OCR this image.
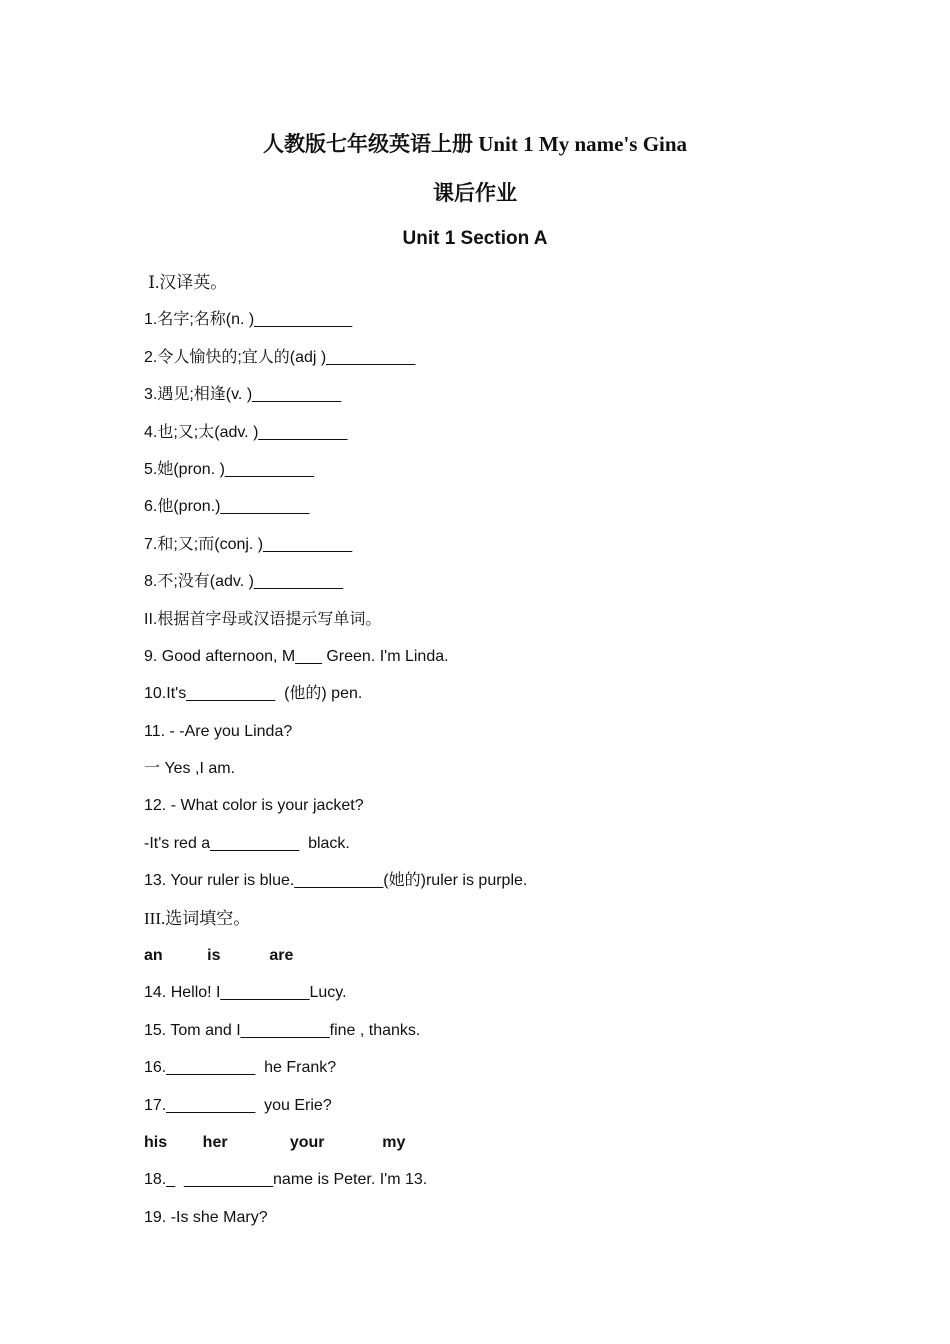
人教版七年级英语上册 Unit 1 My name's Gina
课后作业
Unit 1 Section A
Ⅰ.汉译英。
1.名字;名称(n. )___________
2.令人愉快的;宜人的(adj )__________
3.遇见;相逢(v. )__________
4.也;又;太(adv. )__________
5.她(pron. )__________
6.他(pron.)__________
7.和;又;而(conj. )__________
8.不;没有(adv. )__________
II.根据首字母或汉语提示写单词。
9. Good afternoon, M___ Green. I'm Linda.
10.It's__________  (他的) pen.
11. - -Are you Linda?
一 Yes ,I am.
12. - What color is your jacket?
-It's red a__________  black.
13. Your ruler is blue.__________(她的)ruler is purple.
III.选词填空。
an          is           are
14. Hello! I__________Lucy.
15. Tom and I__________fine , thanks.
16.__________  he Frank?
17.__________  you Erie?
his        her              your             my
18._  __________name is Peter. I'm 13.
19. -Is she Mary?
